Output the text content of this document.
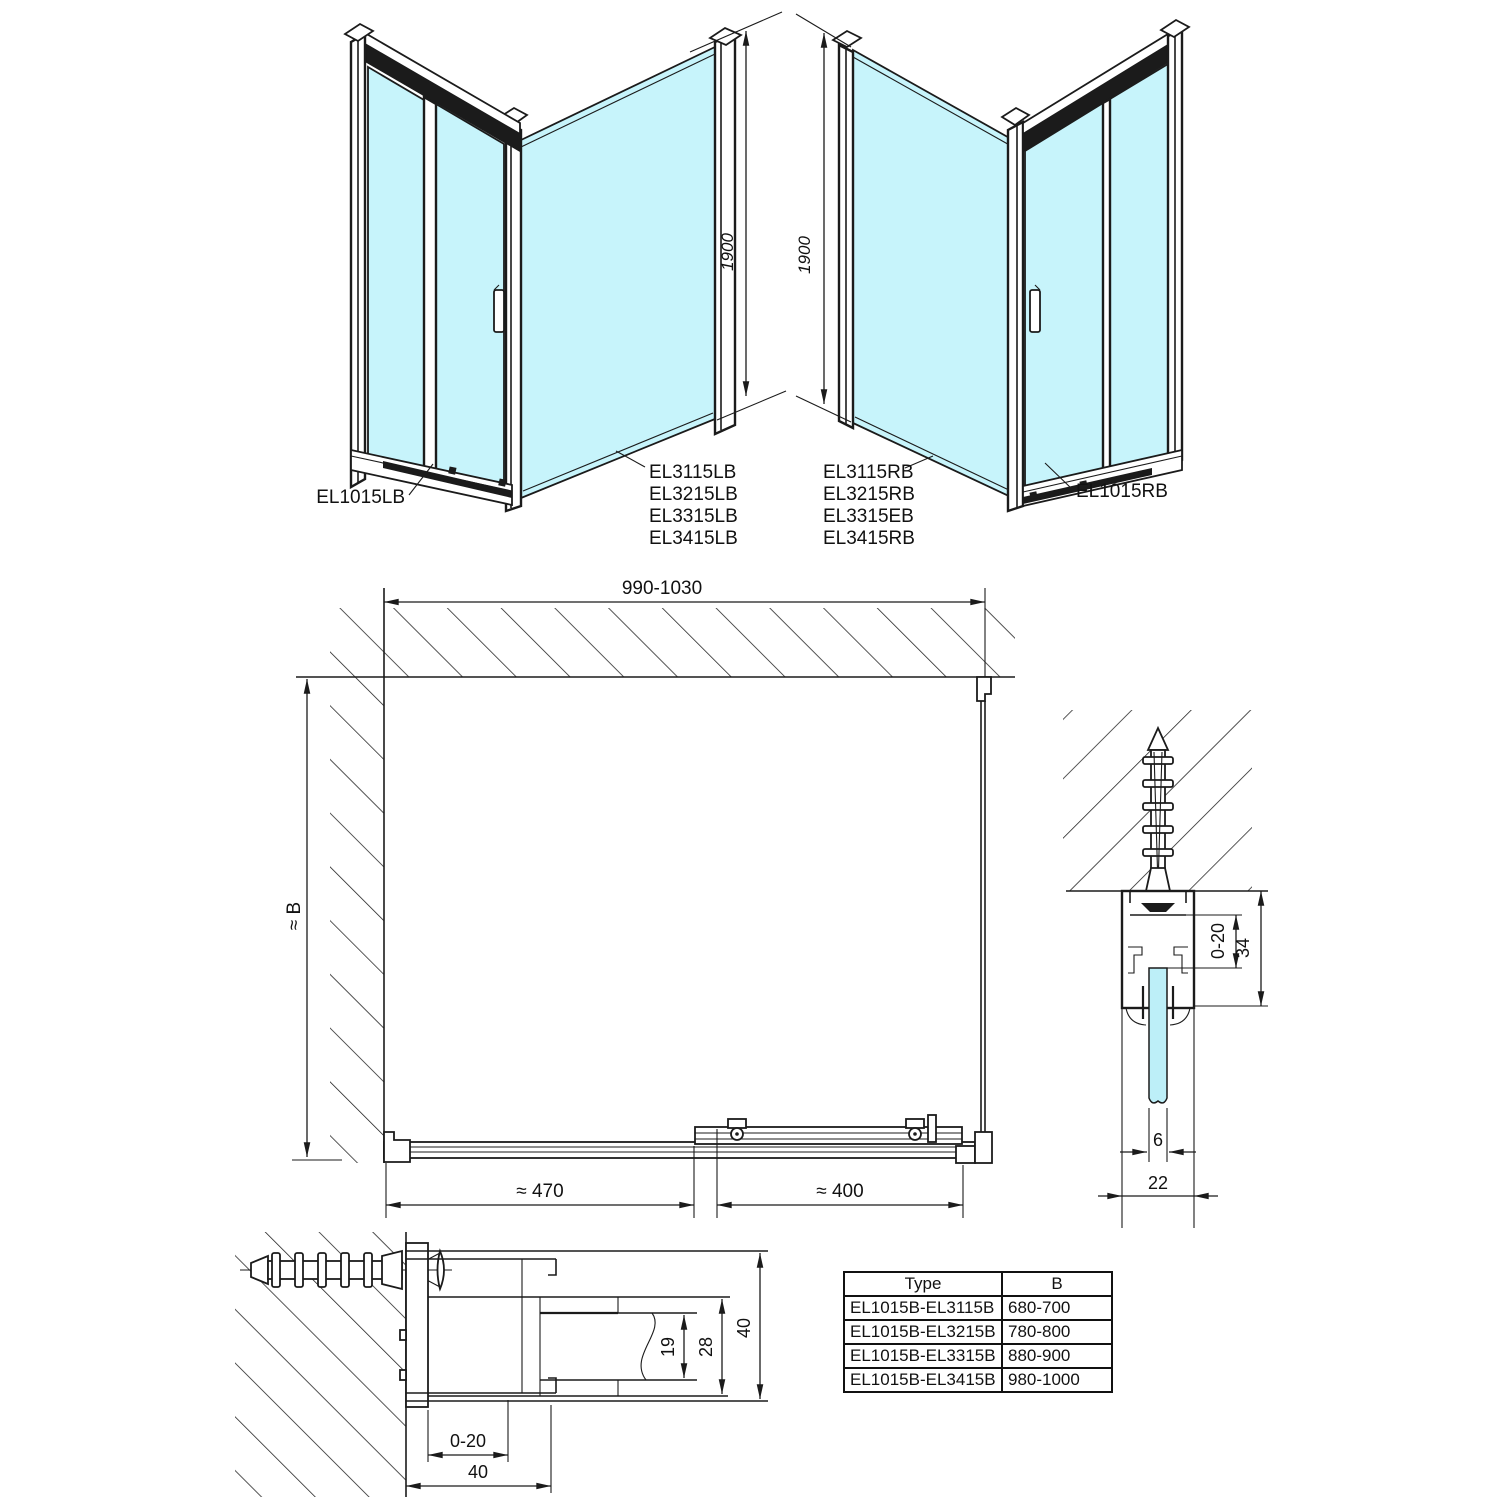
1900
EL1015LB
EL3115LB
EL3215LB
EL3315LB
EL3415LB
1900
EL3115RB
EL3215RB
EL3315EB
EL3415RB
EL1015RB
990-1030
≈ B
≈ 470	≈ 400
0-20 34
6
22
19 28
40
0-20
40
Type	B
EL1015B-EL3115B	680-700
EL1015B-EL3215B	780-800
EL1015B-EL3315B	880-900
EL1015B-EL3415B	980-1000
